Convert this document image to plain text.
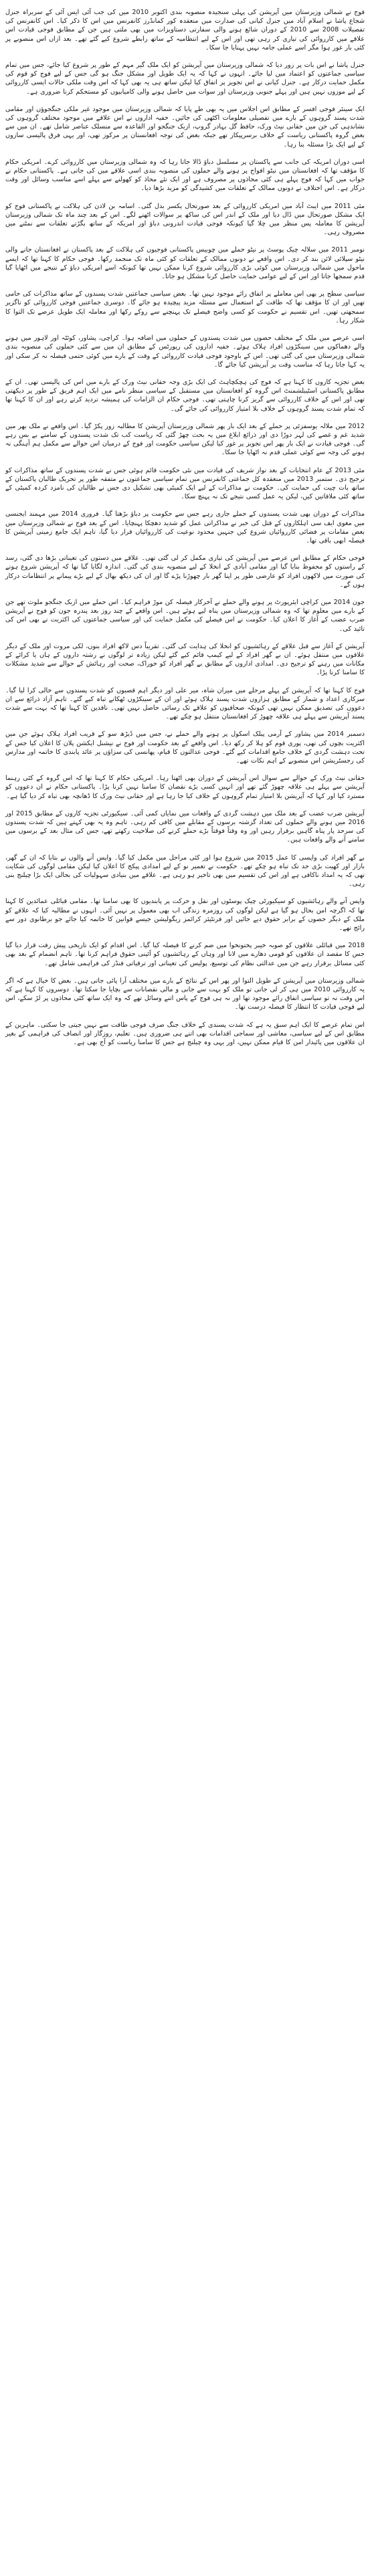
فوج نے شمالی وزیرستان میں آپریشن کی پہلی سنجیدہ منصوبہ بندی اکتوبر 2010 میں کی جب آئی ایس آئی کے سربراہ جنرل شجاع پاشا نے اسلام آباد میں جنرل کیانی کی صدارت میں منعقدہ کور کمانڈرز کانفرنس میں اس کا ذکر کیا۔ اس کانفرنس کی تفصیلات 2008 سے 2010 کے دوران شائع ہونے والی سفارتی دستاویزات میں بھی ملتی ہیں جن کے مطابق فوجی قیادت اس علاقے میں کارروائی کی تیاری کر رہی تھی اور اس کے لیے انتظامیہ کے ساتھ رابطے شروع کیے گئے تھے۔ بعد ازاں اس منصوبے پر کئی بار غور ہوا مگر اسے عملی جامہ نہیں پہنایا جا سکا۔

جنرل پاشا نے اس بات پر زور دیا کہ شمالی وزیرستان میں آپریشن کو ایک ملک گیر مہم کے طور پر شروع کیا جائے، جس میں تمام سیاسی جماعتوں کو اعتماد میں لیا جائے۔ انہوں نے کہا کہ یہ ایک طویل اور مشکل جنگ ہو گی جس کے لیے فوج کو قوم کی مکمل حمایت درکار ہے۔ جنرل کیانی نے اس تجویز پر اتفاق کیا لیکن ساتھ ہی یہ بھی کہا کہ اس وقت ملکی حالات ایسی کارروائی کے لیے موزوں نہیں ہیں اور پہلے جنوبی وزیرستان اور سوات میں حاصل ہونے والی کامیابیوں کو مستحکم کرنا ضروری ہے۔

ایک سینئر فوجی افسر کے مطابق اس اجلاس میں یہ بھی طے پایا کہ شمالی وزیرستان میں موجود غیر ملکی جنگجوؤں اور مقامی شدت پسند گروہوں کے بارے میں تفصیلی معلومات اکٹھی کی جائیں۔ خفیہ اداروں نے اس علاقے میں موجود مختلف گروہوں کی نشاندہی کی جن میں حقانی نیٹ ورک، حافظ گل بہادر گروپ، ازبک جنگجو اور القاعدہ سے منسلک عناصر شامل تھے۔ ان میں سے بعض گروہ پاکستانی ریاست کے خلاف برسرپیکار تھے جبکہ بعض کی توجہ افغانستان پر مرکوز تھی، اور یہی فرق پالیسی سازوں کے لیے ایک بڑا مسئلہ بنا رہا۔

اسی دوران امریکہ کی جانب سے پاکستان پر مسلسل دباؤ ڈالا جاتا رہا کہ وہ شمالی وزیرستان میں کارروائی کرے۔ امریکی حکام کا مؤقف تھا کہ افغانستان میں نیٹو افواج پر ہونے والے حملوں کی منصوبہ بندی اسی علاقے میں کی جاتی ہے۔ پاکستانی حکام نے جواب میں کہا کہ فوج پہلے ہی کئی محاذوں پر مصروف ہے اور ایک نئے محاذ کو کھولنے سے پہلے اسے مناسب وسائل اور وقت درکار ہے۔ اس اختلاف نے دونوں ممالک کے تعلقات میں کشیدگی کو مزید بڑھا دیا۔

مئی 2011 میں ایبٹ آباد میں امریکی کارروائی کے بعد صورتحال یکسر بدل گئی۔ اسامہ بن لادن کی ہلاکت نے پاکستانی فوج کو ایک مشکل صورتحال میں ڈال دیا اور ملک کے اندر اس کی ساکھ پر سوالات اٹھنے لگے۔ اس کے بعد چند ماہ تک شمالی وزیرستان آپریشن کا معاملہ پس منظر میں چلا گیا کیونکہ فوجی قیادت اندرونی دباؤ اور امریکہ کے ساتھ بگڑتے تعلقات سے نمٹنے میں مصروف رہی۔

نومبر 2011 میں سلالہ چیک پوسٹ پر نیٹو حملے میں چوبیس پاکستانی فوجیوں کی ہلاکت کے بعد پاکستان نے افغانستان جانے والی نیٹو سپلائی لائن بند کر دی۔ اس واقعے نے دونوں ممالک کے تعلقات کو کئی ماہ تک منجمد رکھا۔ فوجی حکام کا کہنا تھا کہ ایسے ماحول میں شمالی وزیرستان میں کوئی بڑی کارروائی شروع کرنا ممکن نہیں تھا کیونکہ اسے امریکی دباؤ کے نتیجے میں اٹھایا گیا قدم سمجھا جاتا اور اس کے لیے عوامی حمایت حاصل کرنا مشکل ہو جاتا۔

سیاسی سطح پر بھی اس معاملے پر اتفاق رائے موجود نہیں تھا۔ بعض سیاسی جماعتیں شدت پسندوں کے ساتھ مذاکرات کی حامی تھیں اور ان کا مؤقف تھا کہ طاقت کے استعمال سے مسئلہ مزید پیچیدہ ہو جائے گا۔ دوسری جماعتیں فوجی کارروائی کو ناگزیر سمجھتی تھیں۔ اس تقسیم نے حکومت کو کسی واضح فیصلے تک پہنچنے سے روکے رکھا اور معاملہ ایک طویل عرصے تک التوا کا شکار رہا۔

اسی عرصے میں ملک کے مختلف حصوں میں شدت پسندوں کے حملوں میں اضافہ ہوا۔ کراچی، پشاور، کوئٹہ اور لاہور میں ہونے والے دھماکوں میں سینکڑوں افراد ہلاک ہوئے۔ خفیہ اداروں کی رپورٹس کے مطابق ان میں سے کئی حملوں کی منصوبہ بندی شمالی وزیرستان میں کی گئی تھی۔ اس کے باوجود فوجی قیادت کارروائی کے وقت کے بارے میں کوئی حتمی فیصلہ نہ کر سکی اور یہ کہا جاتا رہا کہ مناسب وقت پر آپریشن کیا جائے گا۔

بعض تجزیہ کاروں کا کہنا ہے کہ فوج کی ہچکچاہٹ کی ایک بڑی وجہ حقانی نیٹ ورک کے بارے میں اس کی پالیسی تھی۔ ان کے مطابق پاکستانی اسٹیبلشمنٹ اس گروہ کو افغانستان میں مستقبل کے سیاسی منظر نامے میں ایک اہم فریق کے طور پر دیکھتی تھی اور اس کے خلاف کارروائی سے گریز کرنا چاہتی تھی۔ فوجی حکام ان الزامات کی ہمیشہ تردید کرتے رہے اور ان کا کہنا تھا کہ تمام شدت پسند گروہوں کے خلاف بلا امتیاز کارروائی کی جائے گی۔

2012 میں ملالہ یوسفزئی پر حملے کے بعد ایک بار پھر شمالی وزیرستان آپریشن کا مطالبہ زور پکڑ گیا۔ اس واقعے نے ملک بھر میں شدید غم و غصے کی لہر دوڑا دی اور ذرائع ابلاغ میں یہ بحث چھڑ گئی کہ ریاست کب تک شدت پسندوں کے سامنے بے بس رہے گی۔ فوجی قیادت نے ایک بار پھر اس تجویز پر غور کیا لیکن سیاسی حکومت اور فوج کے درمیان اس حوالے سے مکمل ہم آہنگی نہ ہونے کی وجہ سے کوئی عملی قدم نہ اٹھایا جا سکا۔

مئی 2013 کے عام انتخابات کے بعد نواز شریف کی قیادت میں نئی حکومت قائم ہوئی جس نے شدت پسندوں کے ساتھ مذاکرات کو ترجیح دی۔ ستمبر 2013 میں منعقدہ کل جماعتی کانفرنس میں تمام سیاسی جماعتوں نے متفقہ طور پر تحریک طالبان پاکستان کے ساتھ بات چیت کی حمایت کی۔ حکومت نے مذاکرات کے لیے ایک کمیٹی بھی تشکیل دی جس نے طالبان کی نامزد کردہ کمیٹی کے ساتھ کئی ملاقاتیں کیں، لیکن یہ عمل کسی نتیجے تک نہ پہنچ سکا۔

مذاکرات کے دوران بھی شدت پسندوں کے حملے جاری رہے جس سے حکومت پر دباؤ بڑھتا گیا۔ فروری 2014 میں مہمند ایجنسی میں مغوی ایف سی اہلکاروں کے قتل کی خبر نے مذاکراتی عمل کو شدید دھچکا پہنچایا۔ اس کے بعد فوج نے شمالی وزیرستان میں بعض مقامات پر فضائی کارروائیاں شروع کیں جنہیں محدود نوعیت کی کارروائیاں قرار دیا گیا، تاہم ایک جامع زمینی آپریشن کا فیصلہ ابھی باقی تھا۔

فوجی حکام کے مطابق اس عرصے میں آپریشن کی تیاری مکمل کر لی گئی تھی۔ علاقے میں دستوں کی تعیناتی بڑھا دی گئی، رسد کے راستوں کو محفوظ بنایا گیا اور مقامی آبادی کے انخلا کے لیے منصوبہ بندی کی گئی۔ اندازہ لگایا گیا تھا کہ آپریشن شروع ہونے کی صورت میں لاکھوں افراد کو عارضی طور پر اپنا گھر بار چھوڑنا پڑے گا اور ان کی دیکھ بھال کے لیے بڑے پیمانے پر انتظامات درکار ہوں گے۔

جون 2014 میں کراچی ایئرپورٹ پر ہونے والے حملے نے آخرکار فیصلہ کن موڑ فراہم کیا۔ اس حملے میں ازبک جنگجو ملوث تھے جن کے بارے میں معلوم تھا کہ وہ شمالی وزیرستان میں پناہ لیے ہوئے ہیں۔ اس واقعے کے چند روز بعد پندرہ جون کو فوج نے آپریشن ضرب عضب کے آغاز کا اعلان کیا۔ حکومت نے اس فیصلے کی مکمل حمایت کی اور سیاسی جماعتوں کی اکثریت نے بھی اس کی تائید کی۔

آپریشن کے آغاز سے قبل علاقے کے رہائشیوں کو انخلا کی ہدایت کی گئی۔ تقریباً دس لاکھ افراد بنوں، لکی مروت اور ملک کے دیگر علاقوں میں منتقل ہوئے۔ ان بے گھر افراد کے لیے کیمپ قائم کیے گئے لیکن زیادہ تر لوگوں نے رشتہ داروں کے ہاں یا کرائے کے مکانات میں رہنے کو ترجیح دی۔ امدادی اداروں کے مطابق بے گھر افراد کو خوراک، صحت اور رہائش کے حوالے سے شدید مشکلات کا سامنا کرنا پڑا۔

فوج کا کہنا تھا کہ آپریشن کے پہلے مرحلے میں میران شاہ، میر علی اور دیگر اہم قصبوں کو شدت پسندوں سے خالی کرا لیا گیا۔ سرکاری اعداد و شمار کے مطابق ہزاروں شدت پسند ہلاک ہوئے اور ان کے سینکڑوں ٹھکانے تباہ کیے گئے۔ تاہم آزاد ذرائع سے ان دعووں کی تصدیق ممکن نہیں تھی کیونکہ صحافیوں کو علاقے تک رسائی حاصل نہیں تھی۔ ناقدین کا کہنا تھا کہ بہت سے شدت پسند آپریشن سے پہلے ہی علاقہ چھوڑ کر افغانستان منتقل ہو چکے تھے۔

دسمبر 2014 میں پشاور کے آرمی پبلک اسکول پر ہونے والے حملے نے، جس میں ڈیڑھ سو کے قریب افراد ہلاک ہوئے جن میں اکثریت بچوں کی تھی، پوری قوم کو ہلا کر رکھ دیا۔ اس واقعے کے بعد حکومت اور فوج نے نیشنل ایکشن پلان کا اعلان کیا جس کے تحت دہشت گردی کے خلاف جامع اقدامات کیے گئے۔ فوجی عدالتوں کا قیام، پھانسی کی سزاؤں پر عائد پابندی کا خاتمہ اور مدارس کی رجسٹریشن اس منصوبے کے اہم نکات تھے۔

حقانی نیٹ ورک کے حوالے سے سوال اس آپریشن کے دوران بھی اٹھتا رہا۔ امریکی حکام کا کہنا تھا کہ اس گروہ کے کئی رہنما آپریشن سے پہلے ہی علاقہ چھوڑ گئے تھے اور انہیں کسی بڑے نقصان کا سامنا نہیں کرنا پڑا۔ پاکستانی حکام نے ان دعووں کو مسترد کیا اور کہا کہ آپریشن بلا امتیاز تمام گروہوں کے خلاف کیا جا رہا ہے اور حقانی نیٹ ورک کا ڈھانچہ بھی تباہ کر دیا گیا ہے۔

آپریشن ضرب عضب کے بعد ملک میں دہشت گردی کے واقعات میں نمایاں کمی آئی۔ سیکیورٹی تجزیہ کاروں کے مطابق 2015 اور 2016 میں ہونے والے حملوں کی تعداد گزشتہ برسوں کے مقابلے میں کافی کم رہی۔ تاہم وہ یہ بھی کہتے ہیں کہ شدت پسندوں کی سرحد پار پناہ گاہیں برقرار رہیں اور وہ وقتاً فوقتاً بڑے حملے کرنے کی صلاحیت رکھتے تھے، جس کی مثال بعد کے برسوں میں سامنے آنے والے واقعات ہیں۔

بے گھر افراد کی واپسی کا عمل 2015 میں شروع ہوا اور کئی مراحل میں مکمل کیا گیا۔ واپس آنے والوں نے بتایا کہ ان کے گھر، بازار اور کھیت بڑی حد تک تباہ ہو چکے تھے۔ حکومت نے تعمیر نو کے لیے امدادی پیکج کا اعلان کیا لیکن مقامی لوگوں کی شکایت تھی کہ یہ امداد ناکافی ہے اور اس کی تقسیم میں بھی تاخیر ہو رہی ہے۔ علاقے میں بنیادی سہولیات کی بحالی ایک بڑا چیلنج بنی رہی۔

واپس آنے والے رہائشیوں کو سیکیورٹی چیک پوسٹوں اور نقل و حرکت پر پابندیوں کا بھی سامنا تھا۔ مقامی قبائلی عمائدین کا کہنا تھا کہ اگرچہ امن بحال ہو گیا ہے لیکن لوگوں کی روزمرہ زندگی اب بھی معمول پر نہیں آئی۔ انہوں نے مطالبہ کیا کہ علاقے کو ملک کے دیگر حصوں کے برابر حقوق دیے جائیں اور فرنٹیئر کرائمز ریگولیشن جیسے قوانین کا خاتمہ کیا جائے جو برطانوی دور سے رائج تھے۔

2018 میں قبائلی علاقوں کو صوبہ خیبر پختونخوا میں ضم کرنے کا فیصلہ کیا گیا۔ اس اقدام کو ایک تاریخی پیش رفت قرار دیا گیا جس کا مقصد ان علاقوں کو قومی دھارے میں لانا اور وہاں کے رہائشیوں کو آئینی حقوق فراہم کرنا تھا۔ تاہم انضمام کے بعد بھی کئی مسائل برقرار رہے جن میں عدالتی نظام کی توسیع، پولیس کی تعیناتی اور ترقیاتی فنڈز کی فراہمی شامل تھے۔

شمالی وزیرستان میں آپریشن کے طویل التوا اور پھر اس کے نتائج کے بارے میں مختلف آرا پائی جاتی ہیں۔ بعض کا خیال ہے کہ اگر یہ کارروائی 2010 میں ہی کر لی جاتی تو ملک کو بہت سے جانی و مالی نقصانات سے بچایا جا سکتا تھا۔ دوسروں کا کہنا ہے کہ اس وقت نہ تو سیاسی اتفاق رائے موجود تھا اور نہ ہی فوج کے پاس اتنے وسائل تھے کہ وہ ایک ساتھ کئی محاذوں پر لڑ سکے، اس لیے فوجی قیادت کا انتظار کا فیصلہ درست تھا۔

اس تمام عرصے کا ایک اہم سبق یہ ہے کہ شدت پسندی کے خلاف جنگ صرف فوجی طاقت سے نہیں جیتی جا سکتی۔ ماہرین کے مطابق اس کے لیے سیاسی، معاشی اور سماجی اقدامات بھی اتنے ہی ضروری ہیں۔ تعلیم، روزگار اور انصاف کی فراہمی کے بغیر ان علاقوں میں پائیدار امن کا قیام ممکن نہیں، اور یہی وہ چیلنج ہے جس کا سامنا ریاست کو آج بھی ہے۔
